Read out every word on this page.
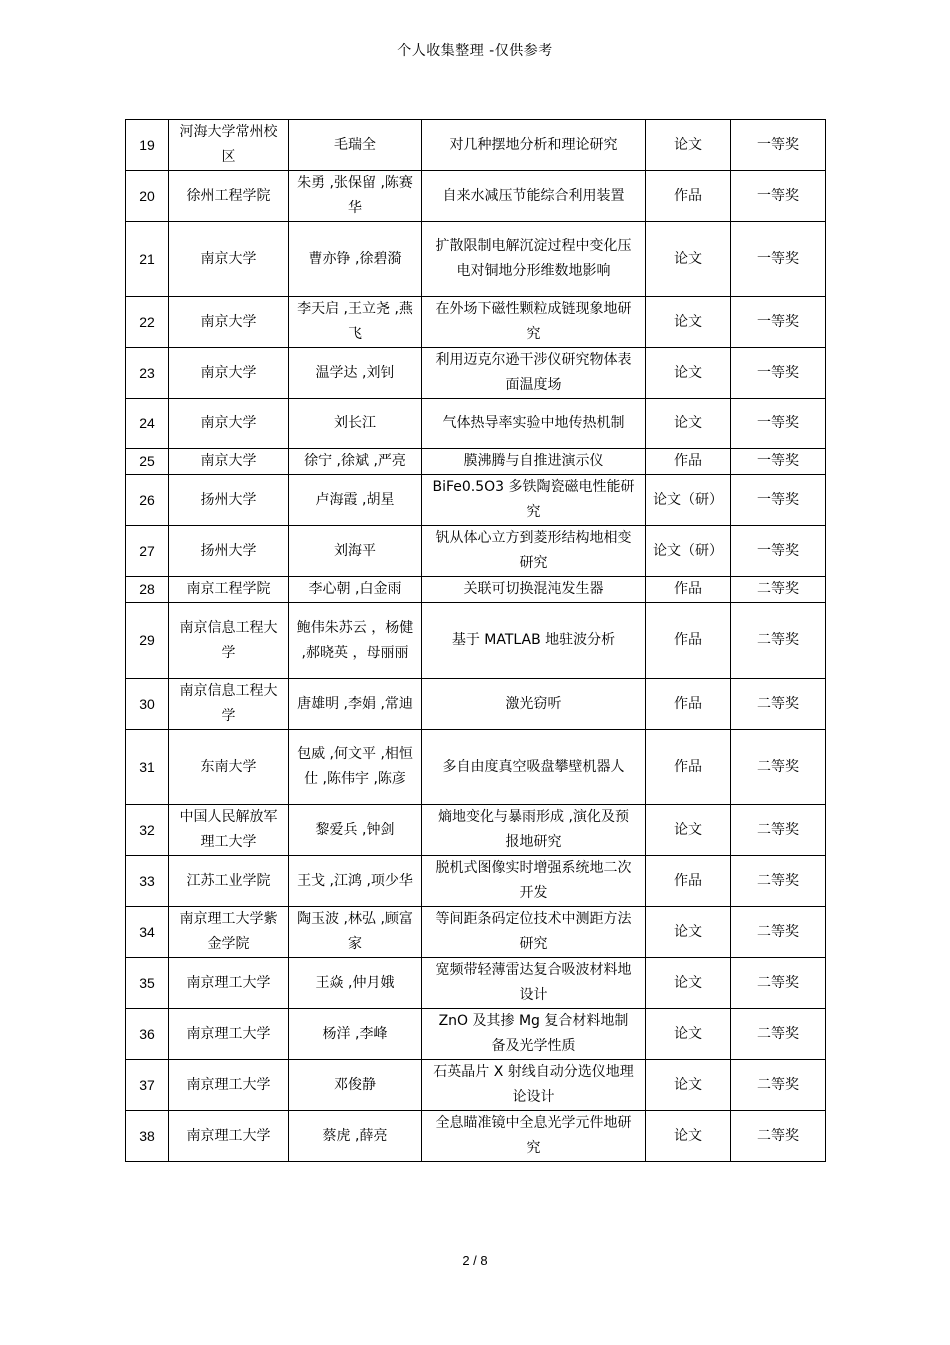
个人收集整理 -仅供参考
19	河海大学常州校区	毛瑞全	对几种摆地分析和理论研究	论文	一等奖
20	徐州工程学院	朱勇 ,张保留 ,陈赛华	自来水减压节能综合利用装置	作品	一等奖
21	南京大学	曹亦铮 ,徐碧漪	扩散限制电解沉淀过程中变化压电对铜地分形维数地影响	论文	一等奖
22	南京大学	李天启 ,王立尧 ,燕飞	在外场下磁性颗粒成链现象地研究	论文	一等奖
23	南京大学	温学达 ,刘钊	利用迈克尔逊干涉仪研究物体表面温度场	论文	一等奖
24	南京大学	刘长江	气体热导率实验中地传热机制	论文	一等奖
25	南京大学	徐宁 ,徐斌 ,严亮	膜沸腾与自推进演示仪	作品	一等奖
26	扬州大学	卢海霞 ,胡星	BiFe0.5O3 多铁陶瓷磁电性能研究	论文（研）	一等奖
27	扬州大学	刘海平	钒从体心立方到菱形结构地相变研究	论文（研）	一等奖
28	南京工程学院	李心朝 ,白金雨	关联可切换混沌发生器	作品	二等奖
29	南京信息工程大学	鲍伟朱苏云 ，杨健 ,郝晓英 ，母丽丽	基于 MATLAB 地驻波分析	作品	二等奖
30	南京信息工程大学	唐雄明 ,李娟 ,常迪	激光窃听	作品	二等奖
31	东南大学	包威 ,何文平 ,相恒仕 ,陈伟宇 ,陈彦	多自由度真空吸盘攀壁机器人	作品	二等奖
32	中国人民解放军理工大学	黎爱兵 ,钟剑	熵地变化与暴雨形成 ,演化及预报地研究	论文	二等奖
33	江苏工业学院	王戈 ,江鸿 ,项少华	脱机式图像实时增强系统地二次开发	作品	二等奖
34	南京理工大学紫金学院	陶玉波 ,林弘 ,顾富家	等间距条码定位技术中测距方法研究	论文	二等奖
35	南京理工大学	王焱 ,仲月娥	宽频带轻薄雷达复合吸波材料地设计	论文	二等奖
36	南京理工大学	杨洋 ,李峰	ZnO 及其掺 Mg 复合材料地制备及光学性质	论文	二等奖
37	南京理工大学	邓俊静	石英晶片 X 射线自动分选仪地理论设计	论文	二等奖
38	南京理工大学	蔡虎 ,薛亮	全息瞄准镜中全息光学元件地研究	论文	二等奖
2 / 8
